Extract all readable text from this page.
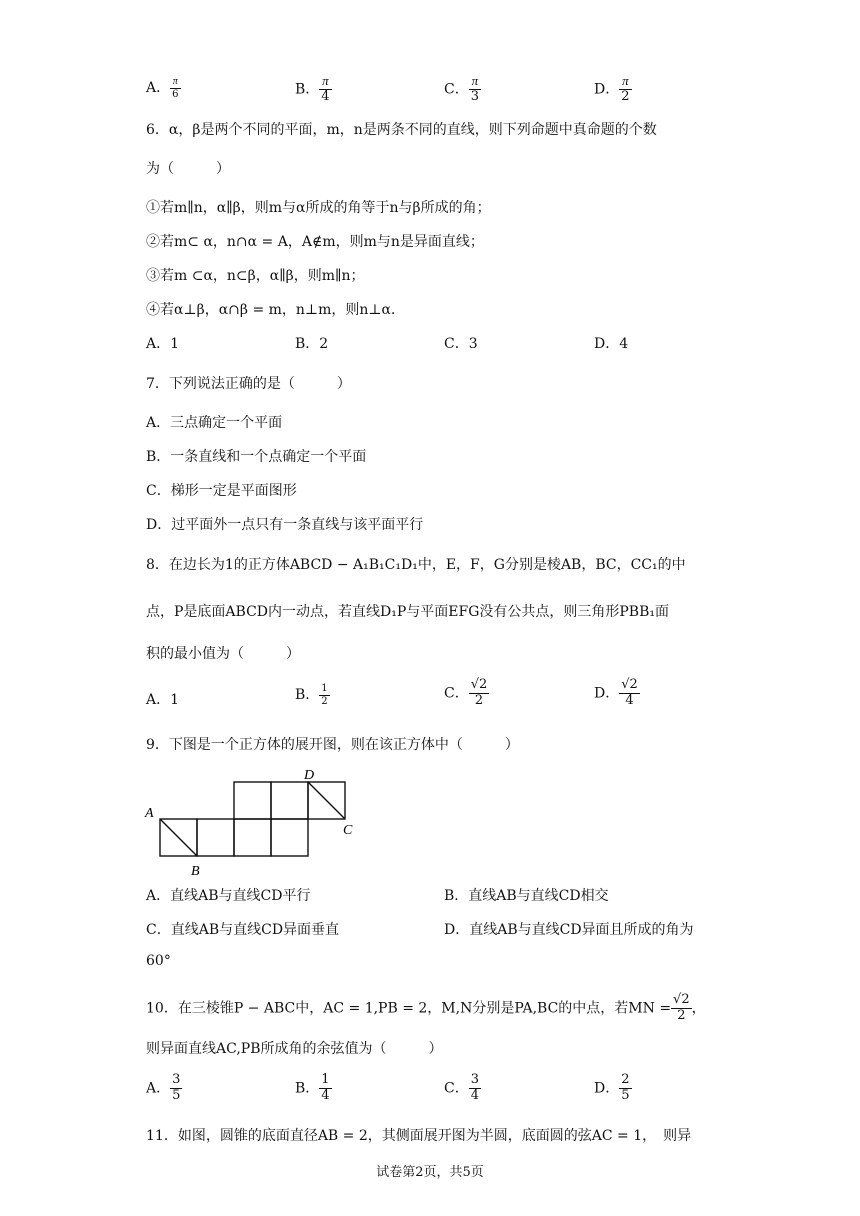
A． $\frac{\pi}{6}$	B． $\frac{\pi}{4}$	C． $\frac{\pi}{3}$	D． $\frac{\pi}{2}$
6．α，β是两个不同的平面，m，n是两条不同的直线，则下列命题中真命题的个数
为（　　　）
①若m∥n，α∥β，则m与α所成的角等于n与β所成的角；
②若m⊂ α，n∩α = A，A∉m，则m与n是异面直线；
③若m ⊂α，n⊂β，α∥β，则m∥n；
④若α⊥β，α∩β = m，n⊥m，则n⊥α．
A．1	B．2	C．3	D．4
7．下列说法正确的是（　　　）
A．三点确定一个平面
B．一条直线和一个点确定一个平面
C．梯形一定是平面图形
D．过平面外一点只有一条直线与该平面平行
8．在边长为1的正方体ABCD − A₁B₁C₁D₁中，E，F，G分别是棱AB，BC，CC₁的中
点，P是底面ABCD内一动点，若直线D₁P与平面EFG没有公共点，则三角形PBB₁面
积的最小值为（　　　）
A．1	B． $\frac{1}{2}$	C． $\frac{√2}{2}$	D． $\frac{√2}{4}$
9．下图是一个正方体的展开图，则在该正方体中（　　　）
A
B
D
C
A．直线AB与直线CD平行	B．直线AB与直线CD相交
C．直线AB与直线CD异面垂直	D．直线AB与直线CD异面且所成的角为
60°
10．在三棱锥P − ABC中，AC = 1,PB = 2，M,N分别是PA,BC的中点，若MN = $\frac{√2}{2}$ ，
则异面直线AC,PB所成角的余弦值为（　　　）
A． $\frac{3}{5}$	B． $\frac{1}{4}$	C． $\frac{3}{4}$	D． $\frac{2}{5}$
11．如图，圆锥的底面直径AB = 2，其侧面展开图为半圆，底面圆的弦AC = 1，　则异
试卷第2页，共5页
